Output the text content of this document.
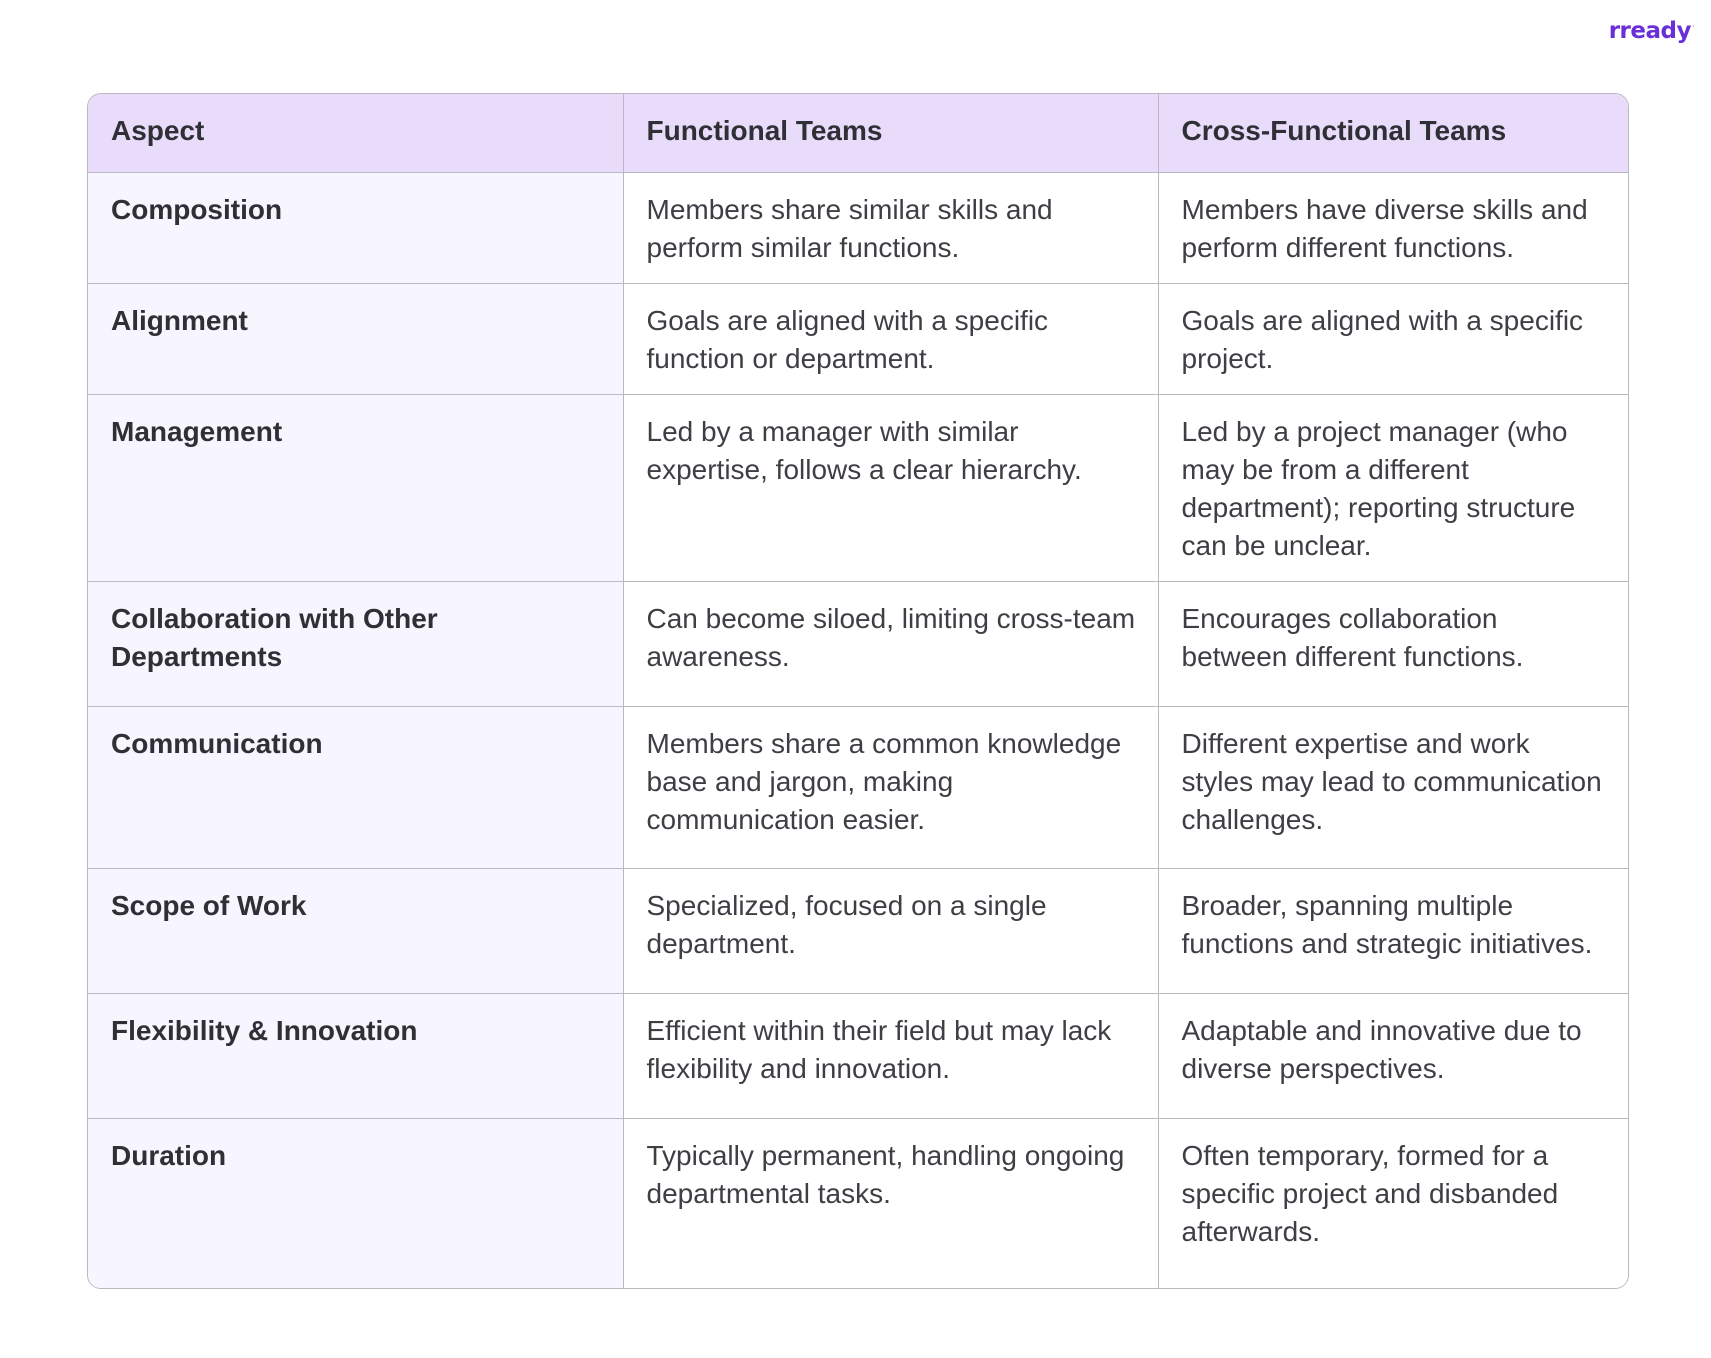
rready·
Aspect	Functional Teams	Cross-Functional Teams
Composition	Members share similar skills and perform similar functions.	Members have diverse skills and perform different functions.
Alignment	Goals are aligned with a specific function or department.	Goals are aligned with a specific project.
Management	Led by a manager with similar expertise, follows a clear hierarchy.	Led by a project manager (who may be from a different department); reporting structure can be unclear.
Collaboration with Other Departments	Can become siloed, limiting cross-team awareness.	Encourages collaboration between different functions.
Communication	Members share a common knowledge base and jargon, making communication easier.	Different expertise and work styles may lead to communication challenges.
Scope of Work	Specialized, focused on a single department.	Broader, spanning multiple functions and strategic initiatives.
Flexibility & Innovation	Efficient within their field but may lack flexibility and innovation.	Adaptable and innovative due to diverse perspectives.
Duration	Typically permanent, handling ongoing departmental tasks.	Often temporary, formed for a specific project and disbanded afterwards.
